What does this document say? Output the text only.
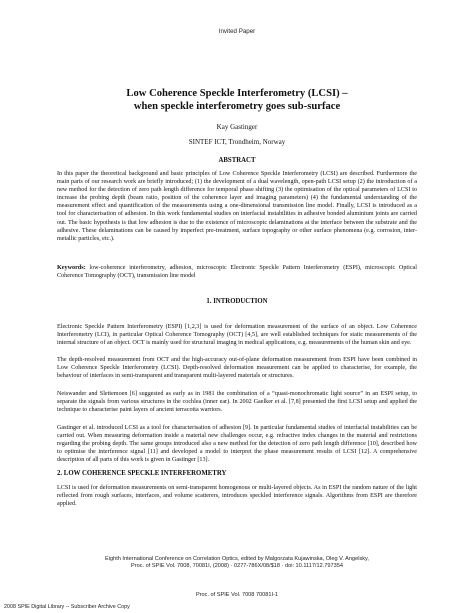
Invited Paper
Low Coherence Speckle Interferometry (LCSI) –
when speckle interferometry goes sub-surface
Kay Gastinger
SINTEF ICT, Trondheim, Norway
ABSTRACT
In this paper the theoretical background and basic principles of Low Coherence Speckle Interferometry (LCSI) are described. Furthermore the main parts of our research work are briefly introduced; (1) the development of a dual wavelength, open-path LCSI setup (2) the introduction of a new method for the detection of zero path length difference for temporal phase shifting (3) the optimisation of the optical parameters of LCSI to increase the probing depth (beam ratio, position of the coherence layer and imaging parameters) (4) the fundamental understanding of the measurement effect and quantification of the measurements using a one-dimensional transmission line model. Finally, LCSI is introduced as a tool for characterisation of adhesion. In this work fundamental studies on interfacial instabilities in adhesive bonded aluminium joints are carried out. The basic hypothesis is that low adhesion is due to the existence of microscopic delaminations at the interface between the substrate and the adhesive. These delaminations can be caused by imperfect pre-treatment, surface topography or other surface phenomena (e.g. corrosion, inter-metallic particles, etc.).
Keywords: low-coherence interferometry, adhesion, microscopic Electronic Speckle Pattern Interferometry (ESPI), microscopic Optical Coherence Tomography (OCT), transmission line model
1. INTRODUCTION
Electronic Speckle Pattern Interferometry (ESPI) [1,2,3] is used for deformation measurement of the surface of an object. Low Coherence Interferometry (LCI), in particular Optical Coherence Tomography (OCT) [4,5], are well established techniques for static measurements of the internal structure of an object. OCT is mainly used for structural imaging in medical applications, e.g. measurements of the human skin and eye.
The depth-resolved measurement from OCT and the high-accuracy out-of-plane deformation measurement from ESPI have been combined in Low Coherence Speckle Interferometry (LCSI). Depth-resolved deformation measurement can be applied to characterise, for example, the behaviour of interfaces in semi-transparent and transparent multi-layered materials or structures.
Neiswander and Slettemoen [6] suggested as early as in 1981 the combination of a “quasi-monochromatic light source” in an ESPI setup, to separate the signals from various structures in the cochlea (inner ear). In 2002 Gaelker et al. [7,8] presented the first LCSI setup and applied the technique to characterise paint layers of ancient terracotta warriors.
Gastinger et al. introduced LCSI as a tool for characterisation of adhesion [9]. In particular fundamental studies of interfacial instabilities can be carried out. When measuring deformation inside a material new challenges occur, e.g. refractive index changes in the material and restrictions regarding the probing depth. The same groups introduced also a new method for the detection of zero path length difference [10], described how to optimise the interference signal [11] and developed a model to interpret the phase measurement results of LCSI [12]. A comprehensive description of all parts of this work is given in Gastinger [13].
2. LOW COHERENCE SPECKLE INTERFEROMETRY
LCSI is used for deformation measurements on semi-transparent homogenous or multi-layered objects. As in ESPI the random nature of the light reflected from rough surfaces, interfaces, and volume scatterers, introduces speckled interference signals. Algorithms from ESPI are therefore applied.
Eighth International Conference on Correlation Optics, edited by Malgorzata Kujawinska, Oleg V. Angelsky,
Proc. of SPIE Vol. 7008, 70081I, (2008) · 0277-786X/08/$18 · doi: 10.1117/12.797354
Proc. of SPIE Vol. 7008 70081I-1
2008 SPIE Digital Library -- Subscriber Archive Copy
